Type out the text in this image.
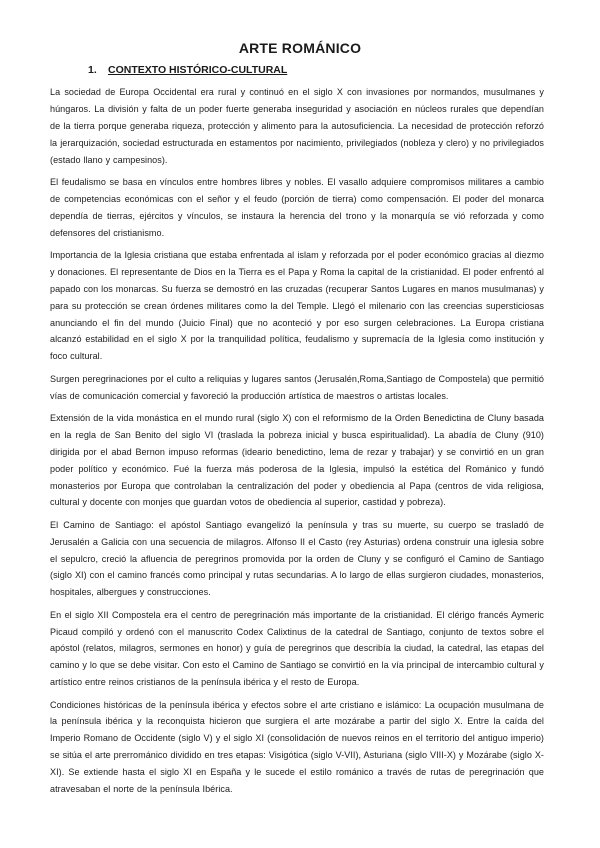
ARTE ROMÁNICO
1.	CONTEXTO HISTÓRICO-CULTURAL

La sociedad de Europa Occidental era rural y continuó en el siglo X con invasiones por normandos, musulmanes y húngaros. La división y falta de un poder fuerte generaba inseguridad y asociación en núcleos rurales que dependían de la tierra porque generaba riqueza, protección y alimento para la autosuficiencia. La necesidad de protección reforzó la jerarquización, sociedad estructurada en estamentos por nacimiento, privilegiados (nobleza y clero) y no privilegiados (estado llano y campesinos).

El feudalismo se basa en vínculos entre hombres libres y nobles. El vasallo adquiere compromisos militares a cambio de competencias económicas con el señor y el feudo (porción de tierra) como compensación. El poder del monarca dependía de tierras, ejércitos y vínculos, se instaura la herencia del trono y la monarquía se vió reforzada y como defensores del cristianismo.

Importancia de la Iglesia cristiana que estaba enfrentada al islam y reforzada por el poder económico gracias al diezmo y donaciones. El representante de Dios en la Tierra es el Papa y Roma la capital de la cristianidad. El poder enfrentó al papado con los monarcas. Su fuerza se demostró en las cruzadas (recuperar Santos Lugares en manos musulmanas) y para su protección se crean órdenes militares como la del Temple. Llegó el milenario con las creencias supersticiosas anunciando el fin del mundo (Juicio Final) que no aconteció y por eso surgen celebraciones. La Europa cristiana alcanzó estabilidad en el siglo X por la tranquilidad política, feudalismo y supremacía de la Iglesia como institución y foco cultural.

Surgen peregrinaciones por el culto a reliquias y lugares santos (Jerusalén,Roma,Santiago de Compostela) que permitió vías de comunicación comercial y favoreció la producción artística de maestros o artistas locales.

Extensión de la vida monástica en el mundo rural (siglo X) con el reformismo de la Orden Benedictina de Cluny basada en la regla de San Benito del siglo VI (traslada la pobreza inicial y busca espiritualidad). La abadía de Cluny (910) dirigida por el abad Bernon impuso reformas (ideario benedictino, lema de rezar y trabajar) y se convirtió en un gran poder político y económico. Fué la fuerza más poderosa de la Iglesia, impulsó la estética del Románico y fundó monasterios por Europa que controlaban la centralización del poder y obediencia al Papa (centros de vida religiosa, cultural y docente con monjes que guardan votos de obediencia al superior, castidad y pobreza).

El Camino de Santiago: el apóstol Santiago evangelizó la península y tras su muerte, su cuerpo se trasladó de Jerusalén a Galicia con una secuencia de milagros. Alfonso II el Casto (rey Asturias) ordena construir una iglesia sobre el sepulcro, creció la afluencia de peregrinos promovida por la orden de Cluny y se configuró el Camino de Santiago (siglo XI) con el camino francés como principal y rutas secundarias. A lo largo de ellas surgieron ciudades, monasterios, hospitales, albergues y construcciones.

En el siglo XII Compostela era el centro de peregrinación más importante de la cristianidad. El clérigo francés Aymeric Picaud compiló y ordenó con el manuscrito Codex Calixtinus de la catedral de Santiago, conjunto de textos sobre el apóstol (relatos, milagros, sermones en honor) y guía de peregrinos que describía la ciudad, la catedral, las etapas del camino y lo que se debe visitar. Con esto el Camino de Santiago se convirtió en la vía principal de intercambio cultural y artístico entre reinos cristianos de la península ibérica y el resto de Europa.

Condiciones históricas de la península ibérica y efectos sobre el arte cristiano e islámico: La ocupación musulmana de la península ibérica y la reconquista hicieron que surgiera el arte mozárabe a partir del siglo X. Entre la caída del Imperio Romano de Occidente (siglo V) y el siglo XI (consolidación de nuevos reinos en el territorio del antiguo imperio) se sitúa el arte prerrománico dividido en tres etapas: Visigótica (siglo V-VII), Asturiana (siglo VIII-X) y Mozárabe (siglo X-XI). Se extiende hasta el siglo XI en España y le sucede el estilo románico a través de rutas de peregrinación que atravesaban el norte de la península Ibérica.
